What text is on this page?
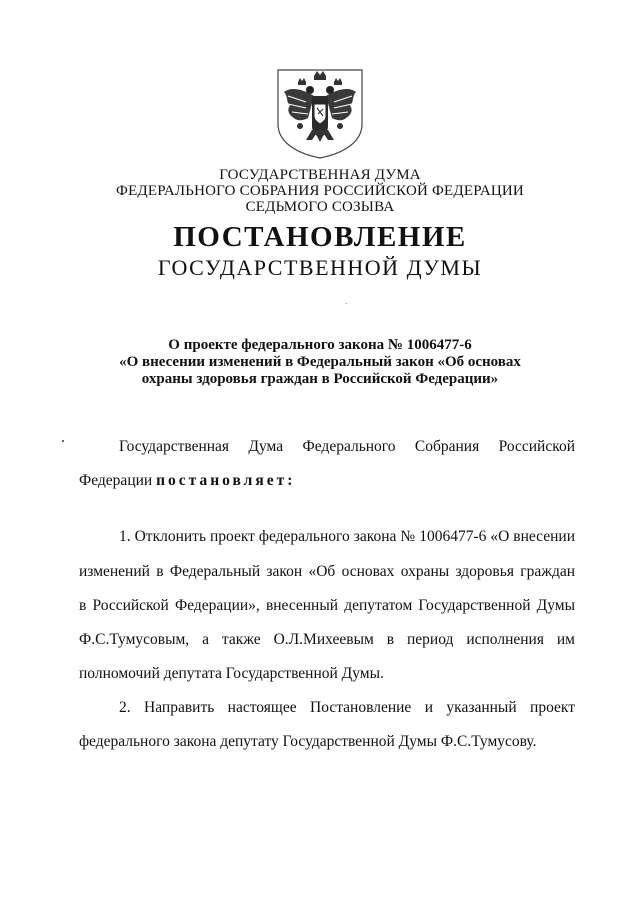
ГОСУДАРСТВЕННАЯ ДУМА
ФЕДЕРАЛЬНОГО СОБРАНИЯ РОССИЙСКОЙ ФЕДЕРАЦИИ
СЕДЬМОГО СОЗЫВА
ПОСТАНОВЛЕНИЕ
ГОСУДАРСТВЕННОЙ ДУМЫ
О проекте федерального закона № 1006477-6
«О внесении изменений в Федеральный закон «Об основах
охраны здоровья граждан в Российской Федерации»
Государственная Дума Федерального Собрания Российской
Федерации постановляет:
1. Отклонить проект федерального закона № 1006477-6 «О внесении
изменений в Федеральный закон «Об основах охраны здоровья граждан
в Российской Федерации», внесенный депутатом Государственной Думы
Ф.С.Тумусовым, а также О.Л.Михеевым в период исполнения им
полномочий депутата Государственной Думы.
2. Направить настоящее Постановление и указанный проект
федерального закона депутату Государственной Думы Ф.С.Тумусову.
